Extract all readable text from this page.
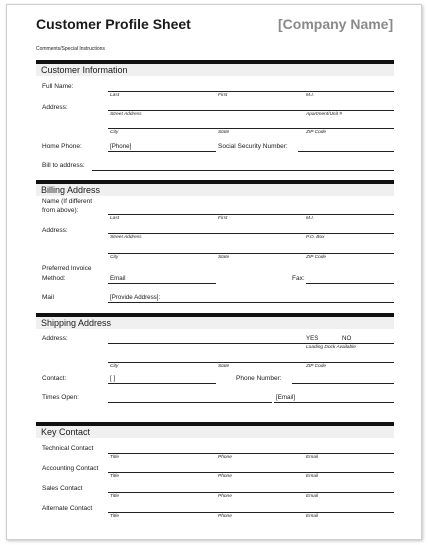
Customer Profile Sheet	[Company Name]
Comments/Special Instructions
Customer Information
Full Name:
Last	First	M.I.
Address:
Street Address	Apartment/Unit #
City	State	ZIP Code
Home Phone:	[Phone]	Social Security Number:
Bill to address:
Billing Address
Name (If different
from above):
Last	First	M.I.
Address:
Street Address	P.O. Box
City	State	ZIP Code
Preferred Invoice
Method:	Email	Fax:
Mail	[Provide Address]:
Shipping Address
Address:	YES	NO
Loading Dock Available
City	State	ZIP Code
Contact:	[ ]	Phone Number:
Times Open:	[Email]
Key Contact
Technical Contact
Title	Phone	Email
Accounting Contact
Title	Phone	Email
Sales Contact
Title	Phone	Email
Alternate Contact
Title	Phone	Email
